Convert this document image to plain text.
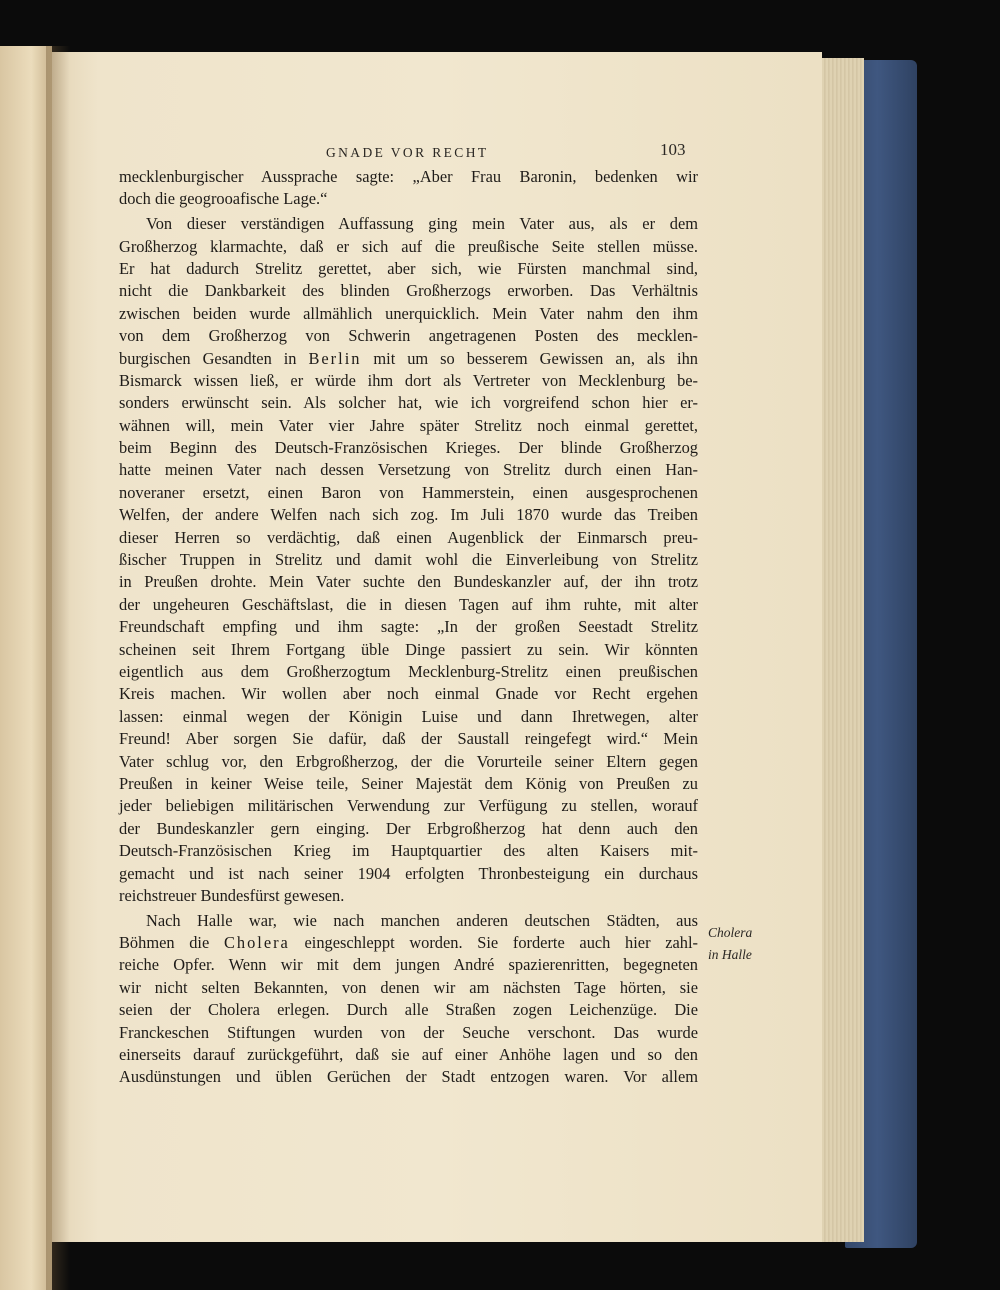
GNADE VOR RECHT	103
mecklenburgischer Aussprache sagte: „Aber Frau Baronin, bedenken wir
doch die geogrooafische Lage.“
Von dieser verständigen Auffassung ging mein Vater aus, als er dem
Großherzog klarmachte, daß er sich auf die preußische Seite stellen müsse.
Er hat dadurch Strelitz gerettet, aber sich, wie Fürsten manchmal sind,
nicht die Dankbarkeit des blinden Großherzogs erworben. Das Verhältnis
zwischen beiden wurde allmählich unerquicklich. Mein Vater nahm den ihm
von dem Großherzog von Schwerin angetragenen Posten des mecklen-
burgischen Gesandten in Berlin mit um so besserem Gewissen an, als ihn
Bismarck wissen ließ, er würde ihm dort als Vertreter von Mecklenburg be-
sonders erwünscht sein. Als solcher hat, wie ich vorgreifend schon hier er-
wähnen will, mein Vater vier Jahre später Strelitz noch einmal gerettet,
beim Beginn des Deutsch-Französischen Krieges. Der blinde Großherzog
hatte meinen Vater nach dessen Versetzung von Strelitz durch einen Han-
noveraner ersetzt, einen Baron von Hammerstein, einen ausgesprochenen
Welfen, der andere Welfen nach sich zog. Im Juli 1870 wurde das Treiben
dieser Herren so verdächtig, daß einen Augenblick der Einmarsch preu-
ßischer Truppen in Strelitz und damit wohl die Einverleibung von Strelitz
in Preußen drohte. Mein Vater suchte den Bundeskanzler auf, der ihn trotz
der ungeheuren Geschäftslast, die in diesen Tagen auf ihm ruhte, mit alter
Freundschaft empfing und ihm sagte: „In der großen Seestadt Strelitz
scheinen seit Ihrem Fortgang üble Dinge passiert zu sein. Wir könnten
eigentlich aus dem Großherzogtum Mecklenburg-Strelitz einen preußischen
Kreis machen. Wir wollen aber noch einmal Gnade vor Recht ergehen
lassen: einmal wegen der Königin Luise und dann Ihretwegen, alter
Freund! Aber sorgen Sie dafür, daß der Saustall reingefegt wird.“ Mein
Vater schlug vor, den Erbgroßherzog, der die Vorurteile seiner Eltern gegen
Preußen in keiner Weise teile, Seiner Majestät dem König von Preußen zu
jeder beliebigen militärischen Verwendung zur Verfügung zu stellen, worauf
der Bundeskanzler gern einging. Der Erbgroßherzog hat denn auch den
Deutsch-Französischen Krieg im Hauptquartier des alten Kaisers mit-
gemacht und ist nach seiner 1904 erfolgten Thronbesteigung ein durchaus
reichstreuer Bundesfürst gewesen.
Nach Halle war, wie nach manchen anderen deutschen Städten, aus
Böhmen die Cholera eingeschleppt worden. Sie forderte auch hier zahl-
reiche Opfer. Wenn wir mit dem jungen André spazierenritten, begegneten
wir nicht selten Bekannten, von denen wir am nächsten Tage hörten, sie
seien der Cholera erlegen. Durch alle Straßen zogen Leichenzüge. Die
Franckeschen Stiftungen wurden von der Seuche verschont. Das wurde
einerseits darauf zurückgeführt, daß sie auf einer Anhöhe lagen und so den
Ausdünstungen und üblen Gerüchen der Stadt entzogen waren. Vor allem
Cholera
in Halle
